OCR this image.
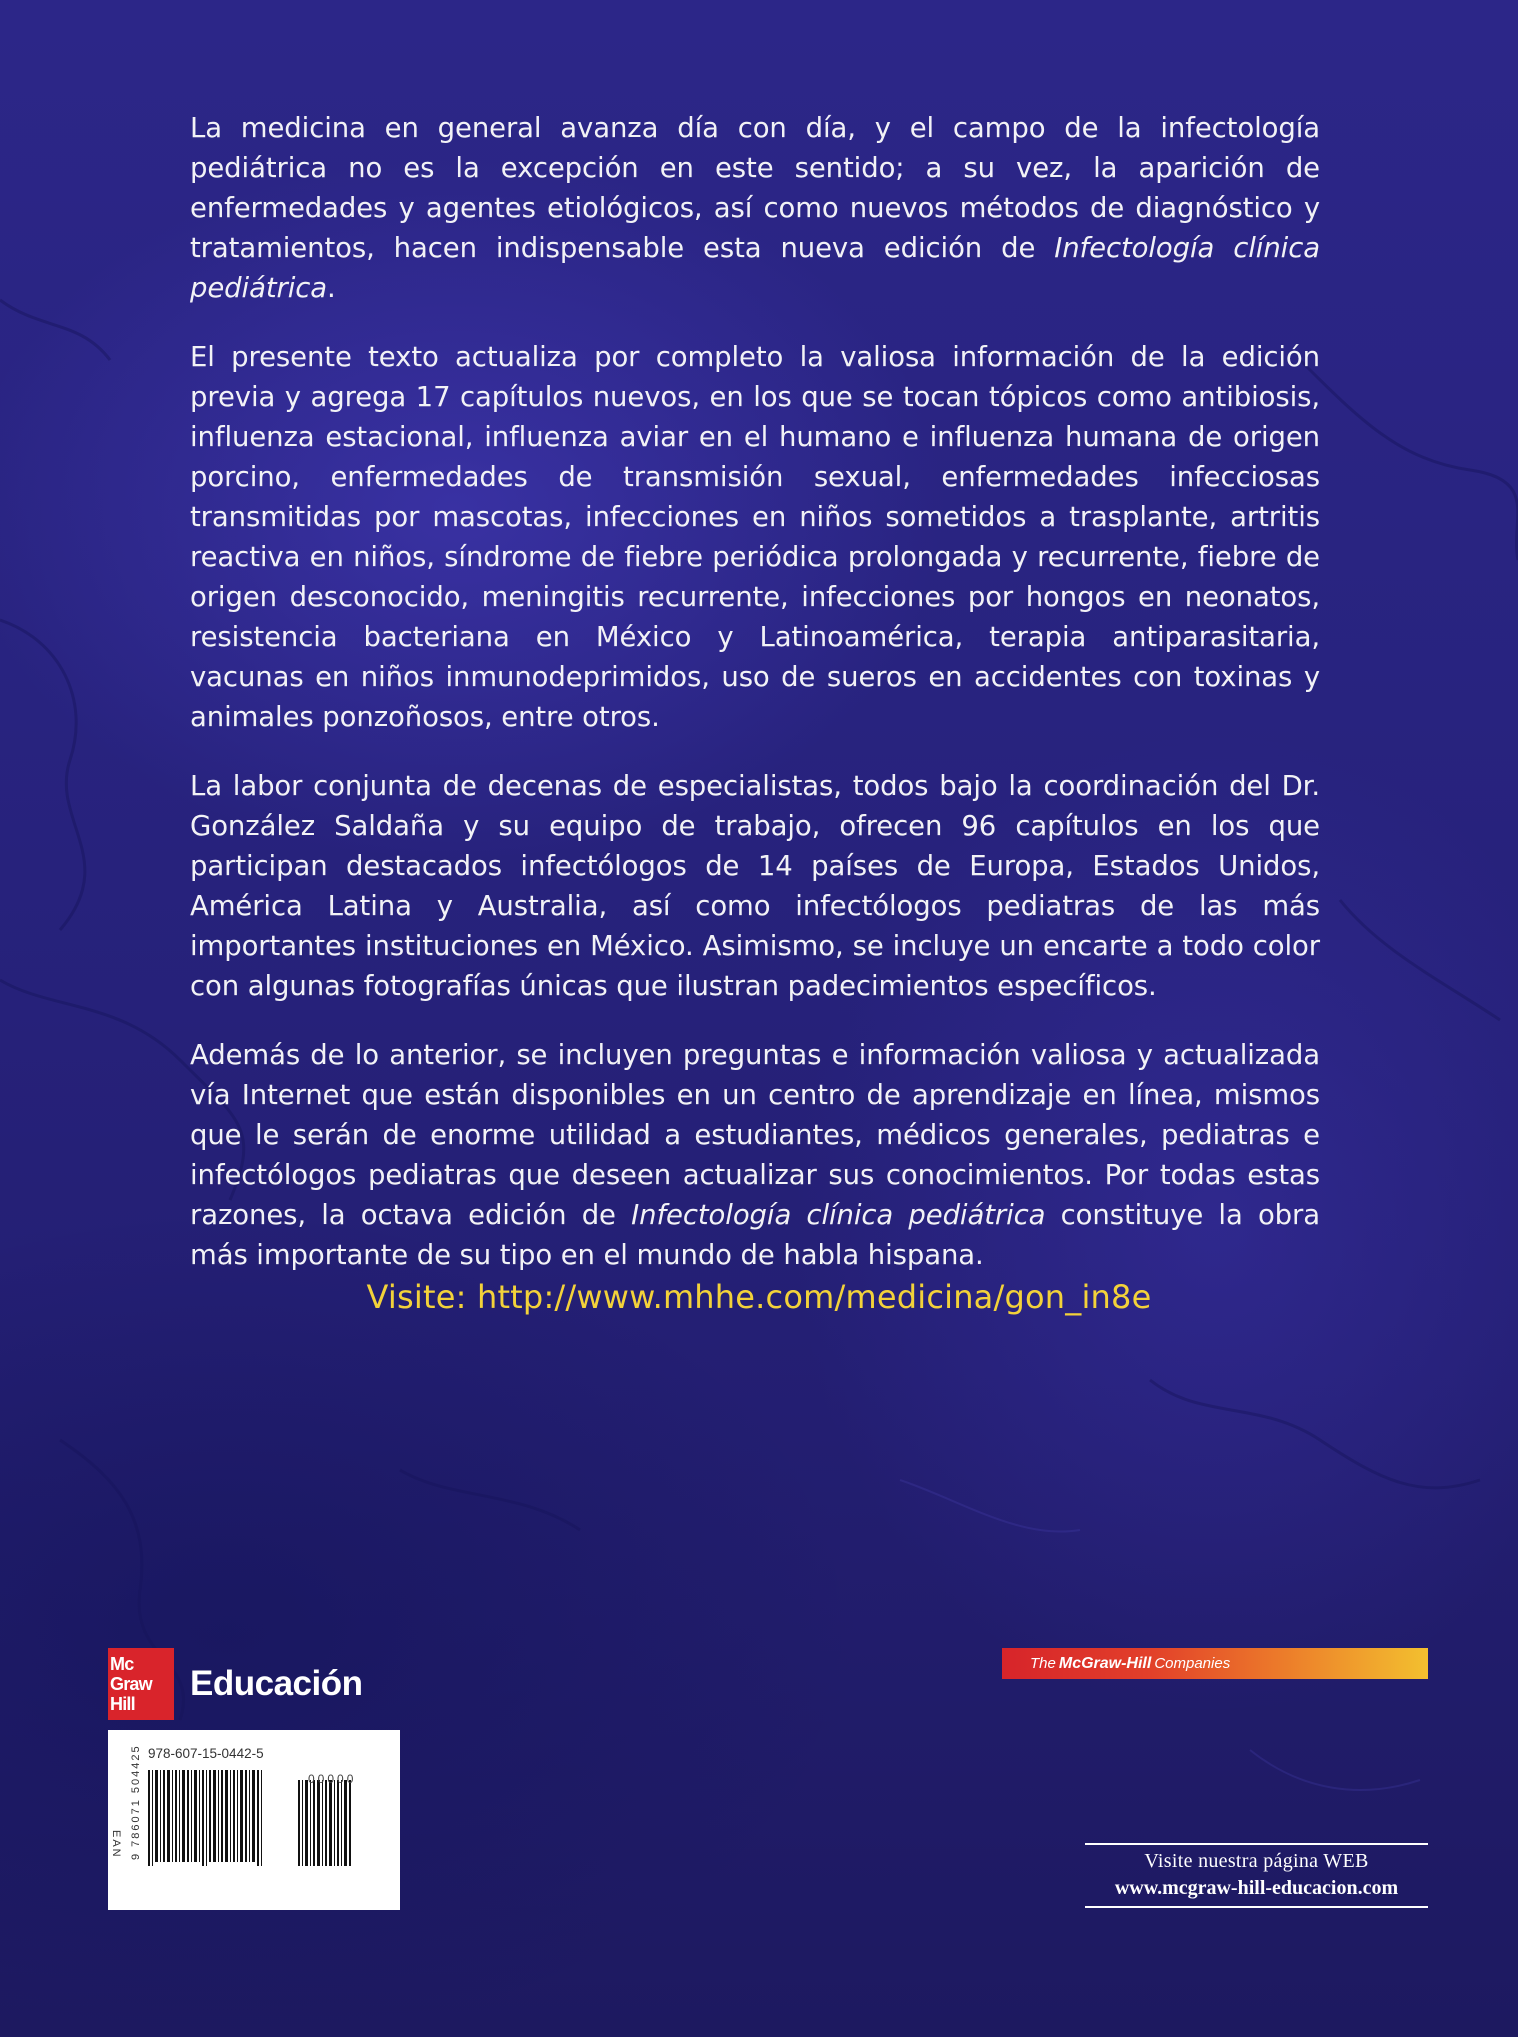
La medicina en general avanza día con día, y el campo de la infectología pediátrica no es la excepción en este sentido; a su vez, la aparición de enfermedades y agentes etiológicos, así como nuevos métodos de diagnóstico y tratamientos, hacen indispensable esta nueva edición de Infectología clínica pediátrica.

El presente texto actualiza por completo la valiosa información de la edición previa y agrega 17 capítulos nuevos, en los que se tocan tópicos como antibiosis, influenza estacional, influenza aviar en el humano e influenza humana de origen porcino, enfermedades de transmisión sexual, enfermedades infecciosas transmitidas por mascotas, infecciones en niños sometidos a trasplante, artritis reactiva en niños, síndrome de fiebre periódica prolongada y recurrente, fiebre de origen desconocido, meningitis recurrente, infecciones por hongos en neonatos, resistencia bacteriana en México y Latinoamérica, terapia antiparasitaria, vacunas en niños inmunodeprimidos, uso de sueros en accidentes con toxinas y animales ponzoñosos, entre otros.

La labor conjunta de decenas de especialistas, todos bajo la coordinación del Dr. González Saldaña y su equipo de trabajo, ofrecen 96 capítulos en los que participan destacados infectólogos de 14 países de Europa, Estados Unidos, América Latina y Australia, así como infectólogos pediatras de las más importantes instituciones en México. Asimismo, se incluye un encarte a todo color con algunas fotografías únicas que ilustran padecimientos específicos.

Además de lo anterior, se incluyen preguntas e información valiosa y actualizada vía Internet que están disponibles en un centro de aprendizaje en línea, mismos que le serán de enorme utilidad a estudiantes, médicos generales, pediatras e infectólogos pediatras que deseen actualizar sus conocimientos. Por todas estas razones, la octava edición de Infectología clínica pediátrica constituye la obra más importante de su tipo en el mundo de habla hispana.

Visite: http://www.mhhe.com/medicina/gon_in8e
Mc
Graw
Hill
Educación
The McGraw-Hill Companies
978-607-15-0442-5
EAN
00000
9 786071 504425
Visite nuestra página WEB
www.mcgraw-hill-educacion.com
